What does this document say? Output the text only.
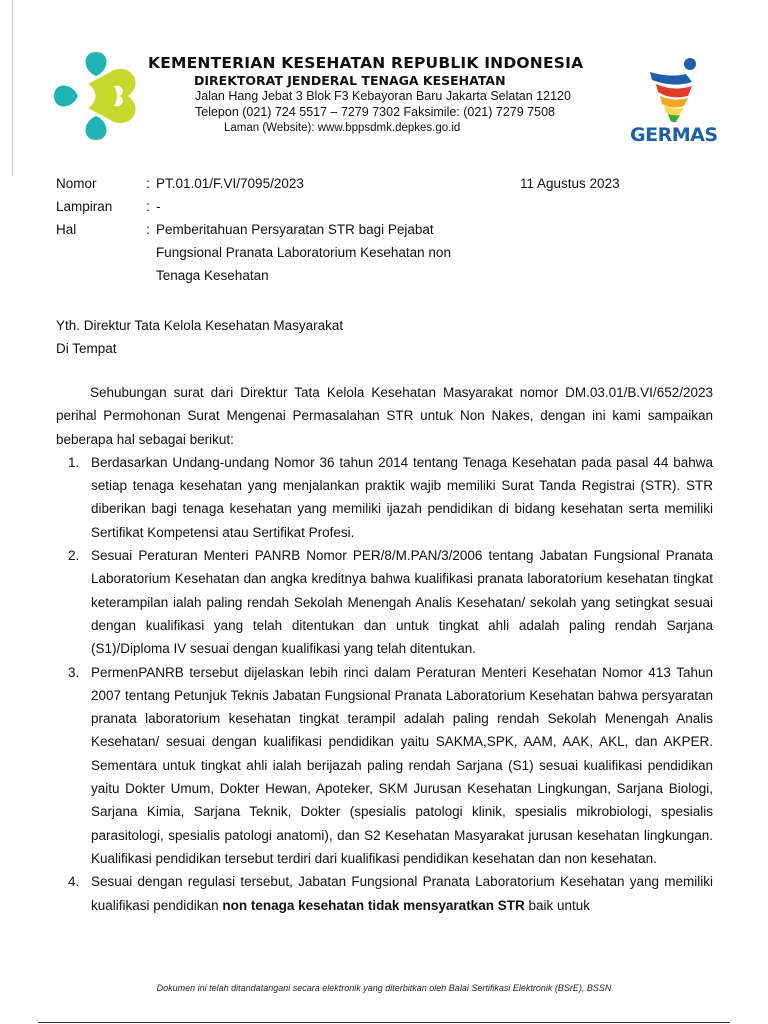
KEMENTERIAN KESEHATAN REPUBLIK INDONESIA
DIREKTORAT JENDERAL TENAGA KESEHATAN
Jalan Hang Jebat 3 Blok F3 Kebayoran Baru Jakarta Selatan 12120
Telepon (021) 724 5517 – 7279 7302 Faksimile: (021) 7279 7508
Laman (Website): www.bppsdmk.depkes.go.id	GERMAS
Nomor	: PT.01.01/F.VI/7095/2023
Lampiran : -
Hal	: Pemberitahuan Persyaratan STR bagi Pejabat
Fungsional Pranata Laboratorium Kesehatan non
Tenaga Kesehatan
11 Agustus 2023
Yth. Direktur Tata Kelola Kesehatan Masyarakat
Di Tempat

Sehubungan surat dari Direktur Tata Kelola Kesehatan Masyarakat nomor DM.03.01/B.VI/652/2023 perihal Permohonan Surat Mengenai Permasalahan STR untuk Non Nakes, dengan ini kami sampaikan beberapa hal sebagai berikut:

1. Berdasarkan Undang-undang Nomor 36 tahun 2014 tentang Tenaga Kesehatan pada pasal 44 bahwa setiap tenaga kesehatan yang menjalankan praktik wajib memiliki Surat Tanda Registrai (STR). STR diberikan bagi tenaga kesehatan yang memiliki ijazah pendidikan di bidang kesehatan serta memiliki Sertifikat Kompetensi atau Sertifikat Profesi.
2. Sesuai Peraturan Menteri PANRB Nomor PER/8/M.PAN/3/2006 tentang Jabatan Fungsional Pranata Laboratorium Kesehatan dan angka kreditnya bahwa kualifikasi pranata laboratorium kesehatan tingkat keterampilan ialah paling rendah Sekolah Menengah Analis Kesehatan/ sekolah yang setingkat sesuai dengan kualifikasi yang telah ditentukan dan untuk tingkat ahli adalah paling rendah Sarjana (S1)/Diploma IV sesuai dengan kualifikasi yang telah ditentukan.
3. PermenPANRB tersebut dijelaskan lebih rinci dalam Peraturan Menteri Kesehatan Nomor 413 Tahun 2007 tentang Petunjuk Teknis Jabatan Fungsional Pranata Laboratorium Kesehatan bahwa persyaratan pranata laboratorium kesehatan tingkat terampil adalah paling rendah Sekolah Menengah Analis Kesehatan/ sesuai dengan kualifikasi pendidikan yaitu SAKMA,SPK, AAM, AAK, AKL, dan AKPER. Sementara untuk tingkat ahli ialah berijazah paling rendah Sarjana (S1) sesuai kualifikasi pendidikan yaitu Dokter Umum, Dokter Hewan, Apoteker, SKM Jurusan Kesehatan Lingkungan, Sarjana Biologi, Sarjana Kimia, Sarjana Teknik, Dokter (spesialis patologi klinik, spesialis mikrobiologi, spesialis parasitologi, spesialis patologi anatomi), dan S2 Kesehatan Masyarakat jurusan kesehatan lingkungan. Kualifikasi pendidikan tersebut terdiri dari kualifikasi pendidikan kesehatan dan non kesehatan.
4. Sesuai dengan regulasi tersebut, Jabatan Fungsional Pranata Laboratorium Kesehatan yang memiliki kualifikasi pendidikan non tenaga kesehatan tidak mensyaratkan STR baik untuk
Dokumen ini telah ditandatangani secara elektronik yang diterbitkan oleh Balai Sertifikasi Elektronik (BSrE), BSSN
